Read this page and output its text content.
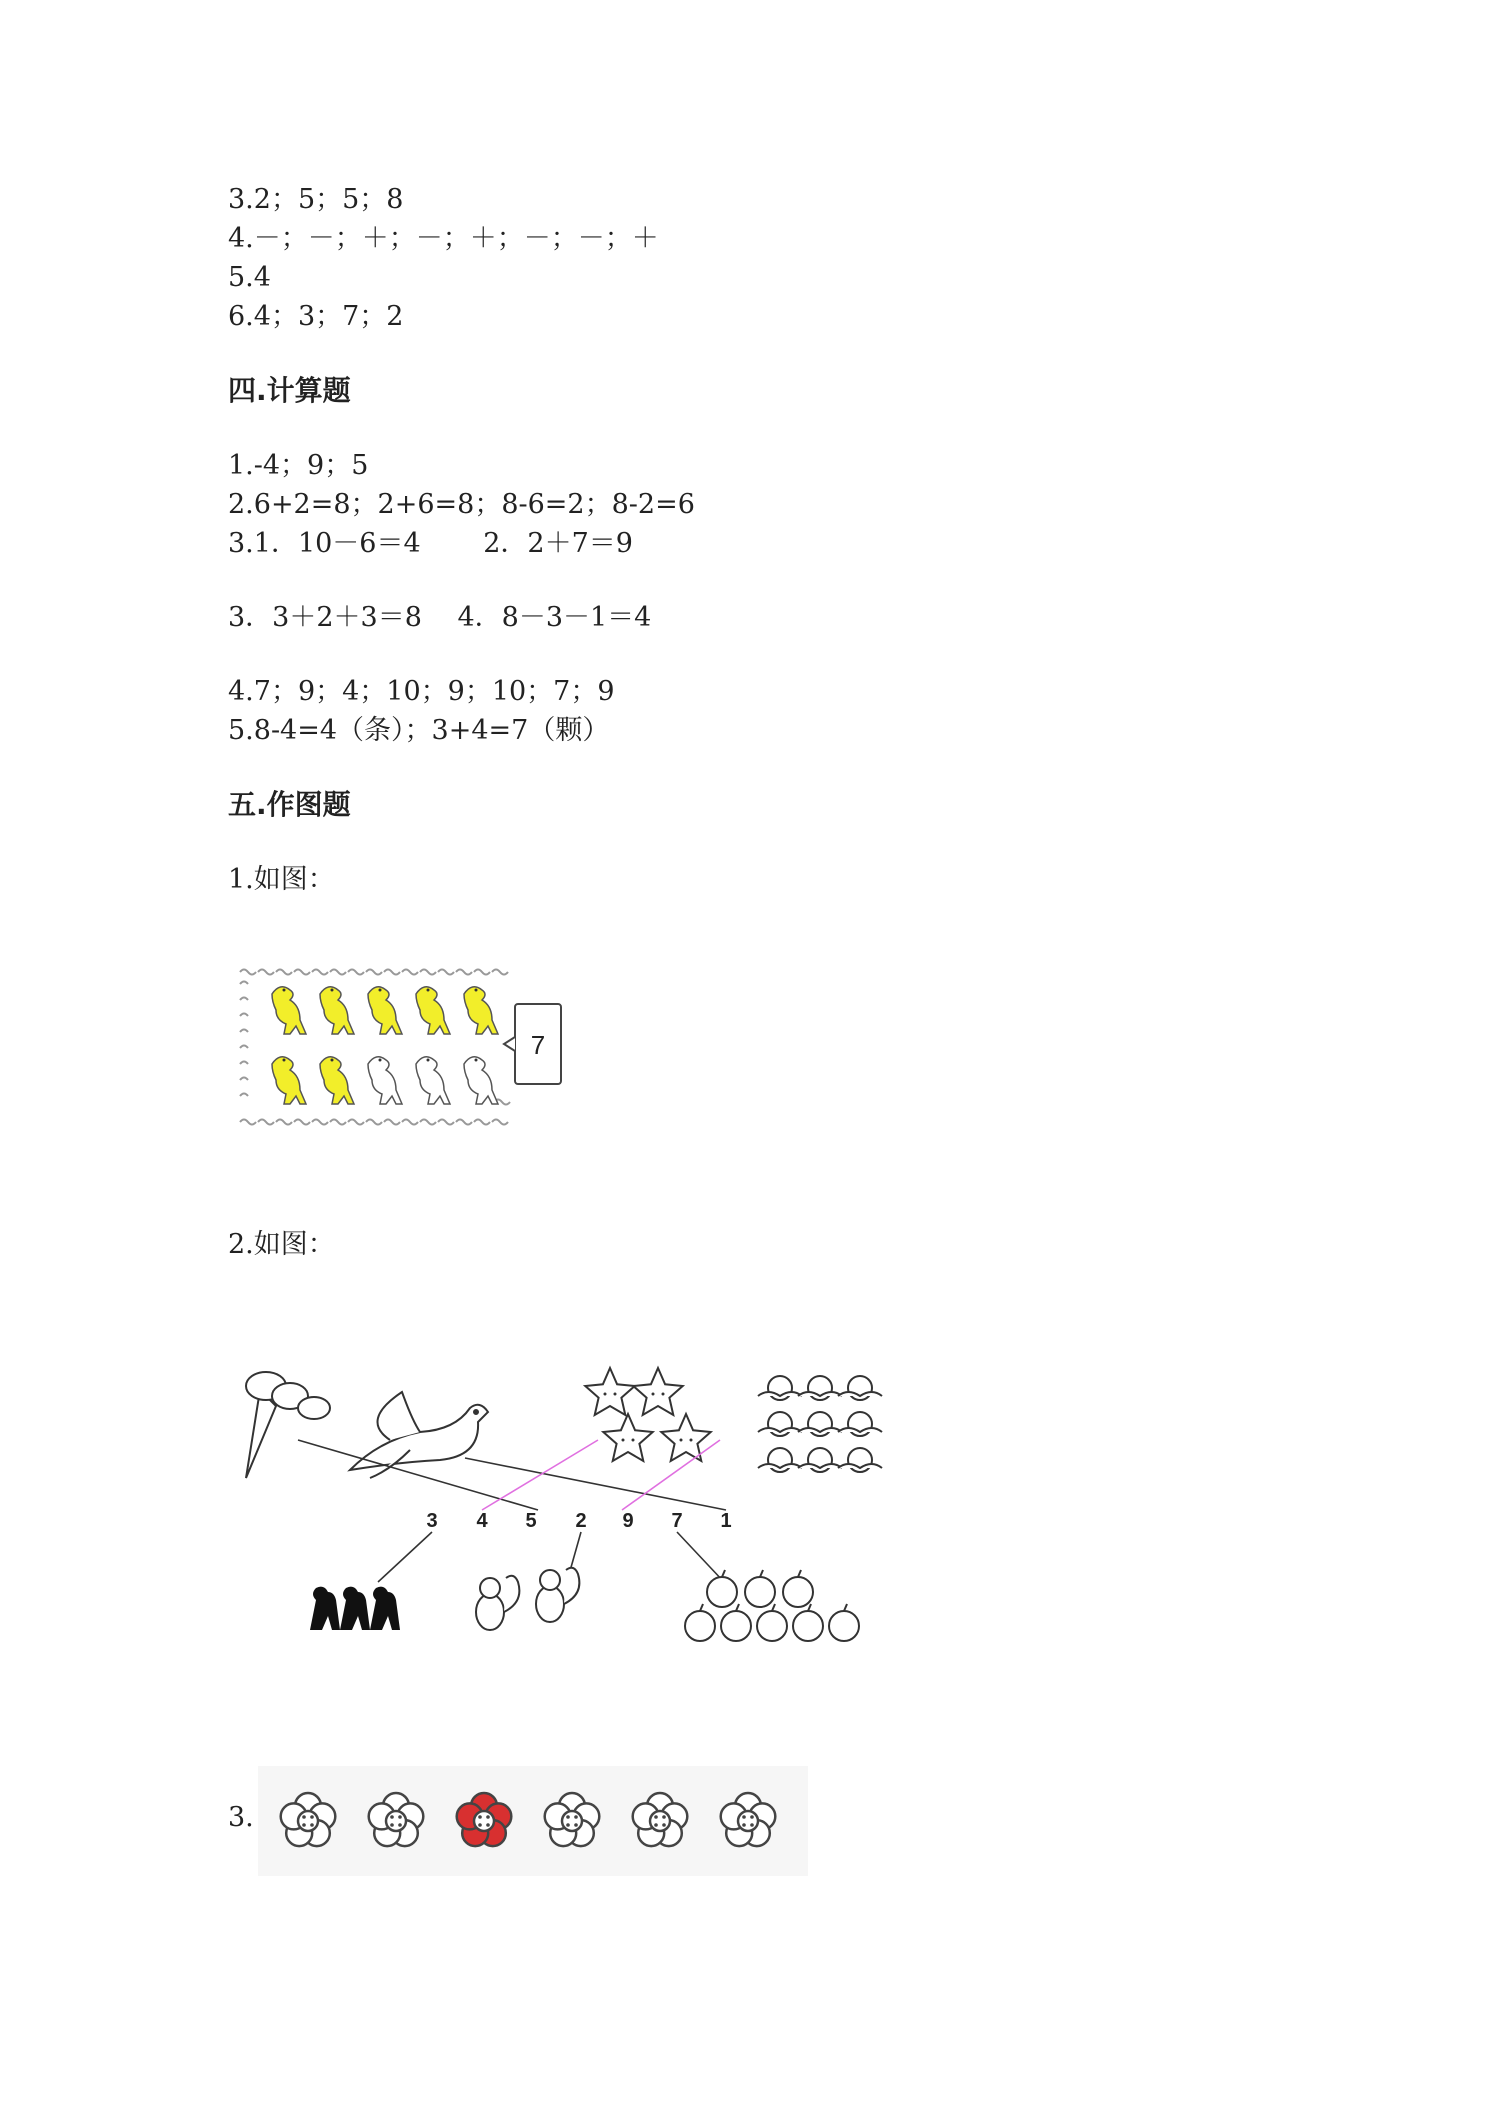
3.2；5；5；8
4.－；－；＋；－；＋；－；－；＋
5.4
6.4；3；7；2
四.计算题
1.-4；9；5
2.6+2=8；2+6=8；8-6=2；8-2=6
3.1．10－6＝4　　 2．2＋7＝9
3．3＋2＋3＝8　 4．8－3－1＝4
4.7；9；4；10；9；10；7；9
5.8-4=4（条）；3+4=7（颗）
五.作图题
1.如图：
7
2.如图：
3 4 5 2 9 7 1
3.
